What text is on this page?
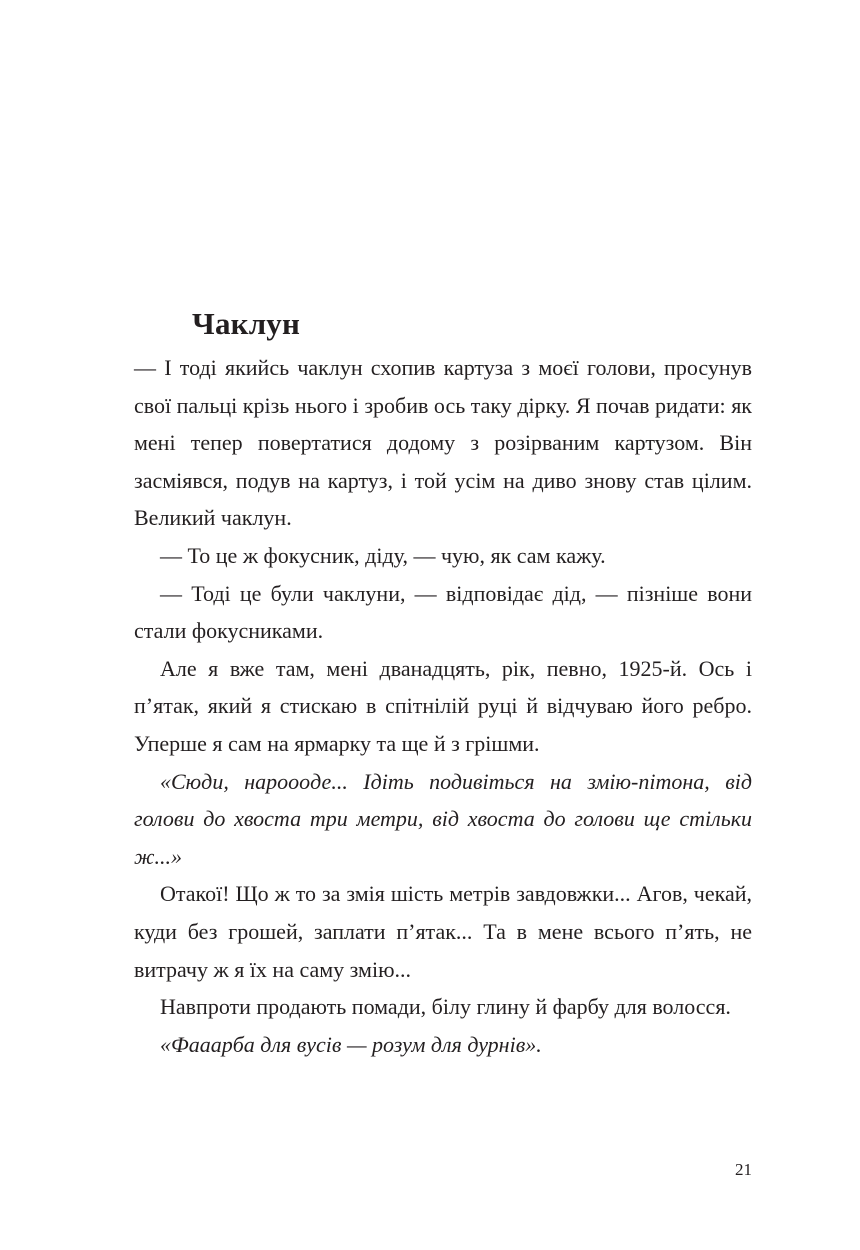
Чаклун

— І тоді якийсь чаклун схопив картуза з моєї голови, просунув свої пальці крізь нього і зробив ось таку дірку. Я почав ридати: як мені тепер повертатися додому з розірваним картузом. Він засміявся, подув на картуз, і той усім на диво знову став цілим. Великий чаклун.

— То це ж фокусник, діду, — чую, як сам кажу.

— Тоді це були чаклуни, — відповідає дід, — пізніше вони стали фокусниками.

Але я вже там, мені дванадцять, рік, певно, 1925-й. Ось і п’ятак, який я стискаю в спітнілій руці й відчуваю його ребро. Уперше я сам на ярмарку та ще й з грішми.

«Сюди, нарoooде... Ідіть подивіться на змію-пітона, від голови до хвоста три метри, від хвоста до голови ще стільки ж...»

Отакої! Що ж то за змія шість метрів завдовжки... Агов, чекай, куди без грошей, заплати п’ятак... Та в мене всього п’ять, не витрачу ж я їх на саму змію...

Навпроти продають помади, білу глину й фарбу для волосся.

«Фааарба для вусів — розум для дурнів».

21
